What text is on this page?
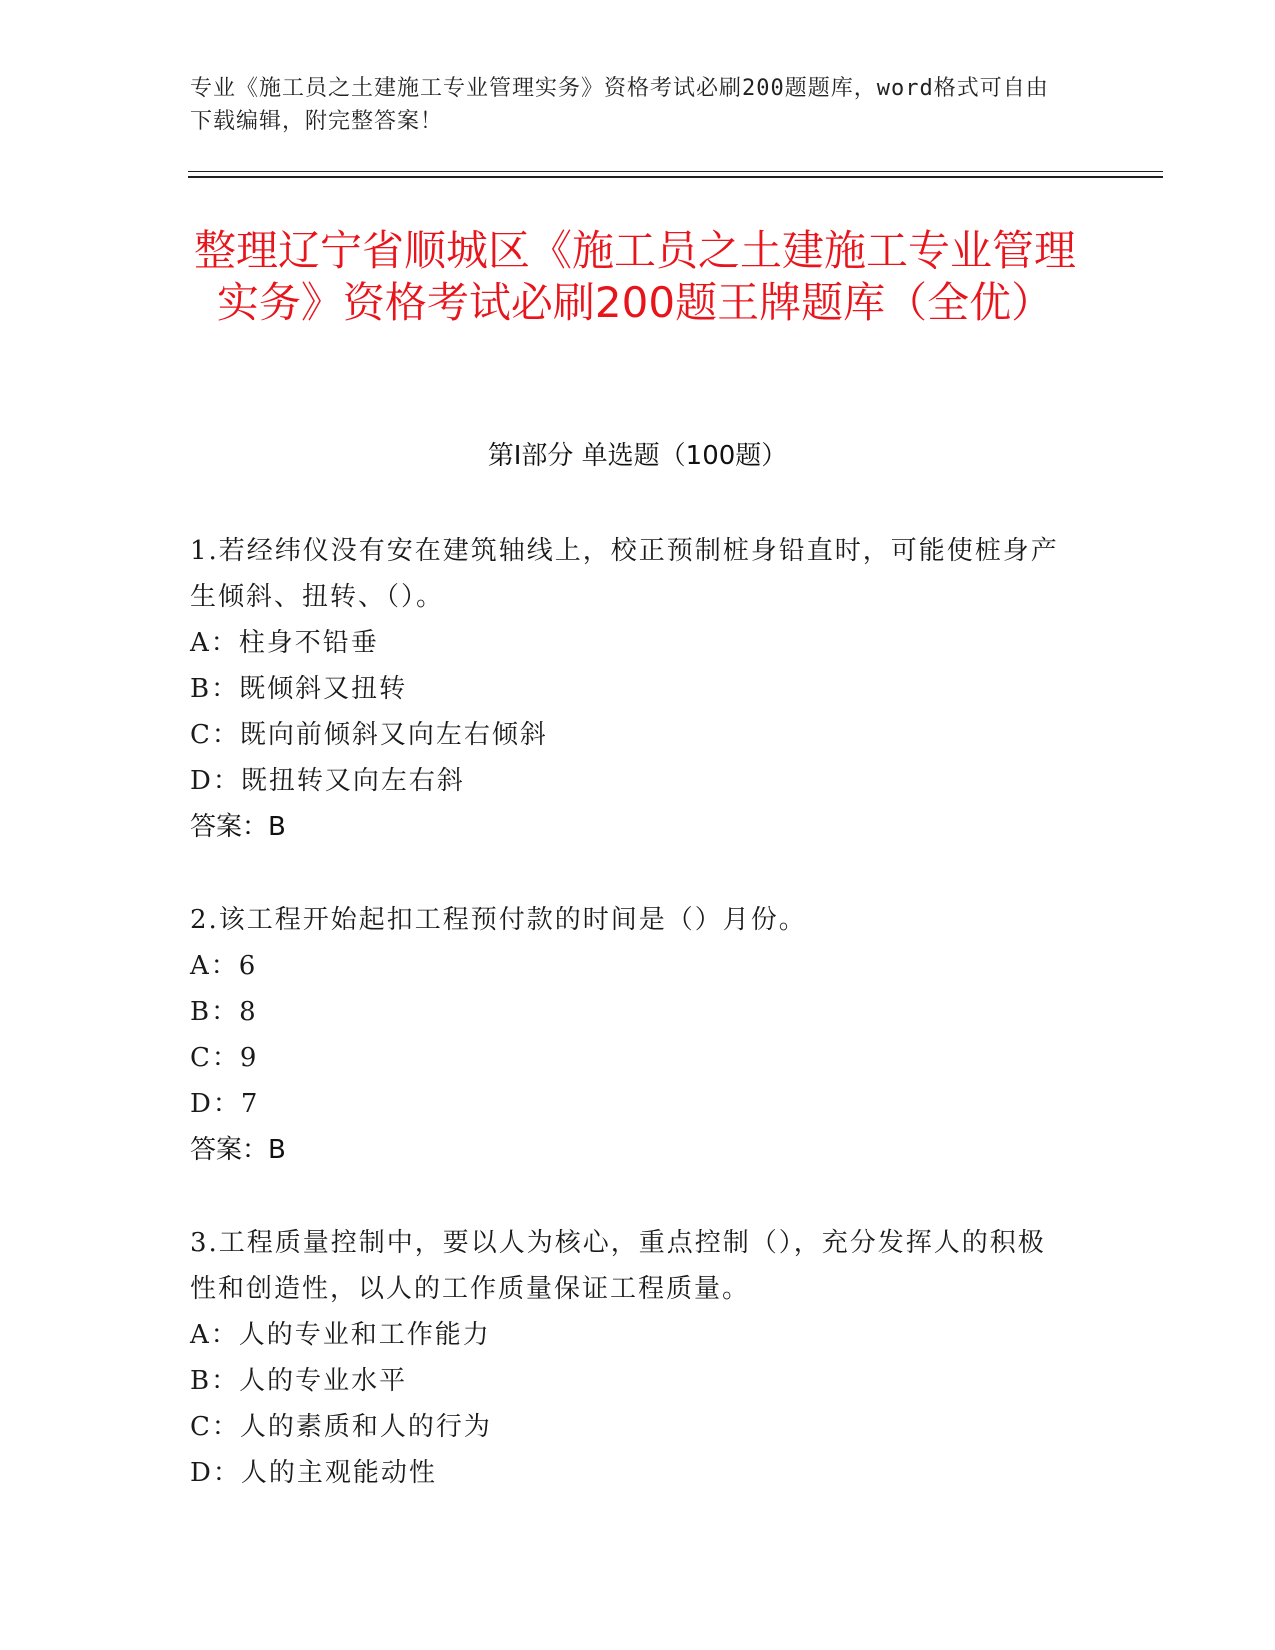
专业《施工员之土建施工专业管理实务》资格考试必刷200题题库，word格式可自由下载编辑，附完整答案！
整理辽宁省顺城区《施工员之土建施工专业管理实务》资格考试必刷200题王牌题库（全优）
第Ⅰ部分 单选题（100题）

1.若经纬仪没有安在建筑轴线上，校正预制桩身铅直时，可能使桩身产生倾斜、扭转、（）。

A：柱身不铅垂

B：既倾斜又扭转

C：既向前倾斜又向左右倾斜

D：既扭转又向左右斜

答案：B

2.该工程开始起扣工程预付款的时间是（）月份。

A：6

B：8

C：9

D：7

答案：B

3.工程质量控制中，要以人为核心，重点控制（），充分发挥人的积极性和创造性，以人的工作质量保证工程质量。

A：人的专业和工作能力

B：人的专业水平

C：人的素质和人的行为

D：人的主观能动性
